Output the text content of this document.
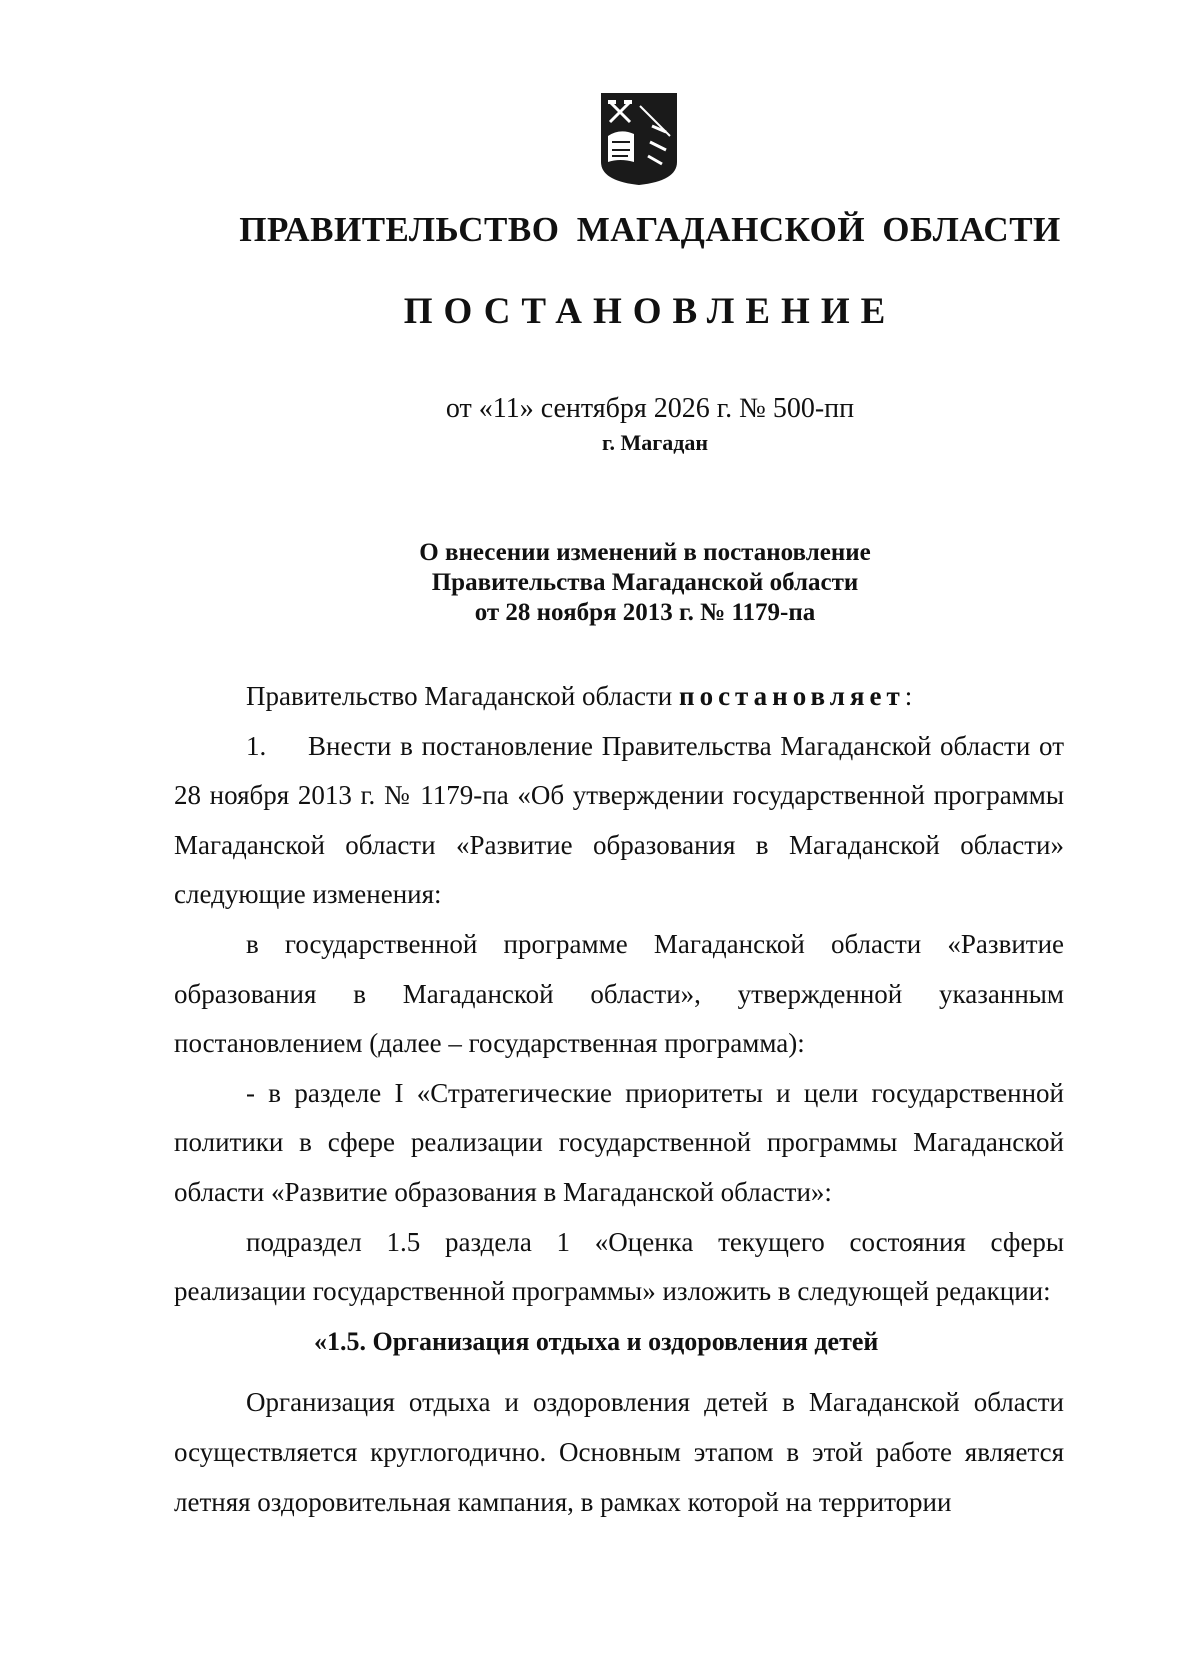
ПРАВИТЕЛЬСТВО МАГАДАНСКОЙ ОБЛАСТИ
ПОСТАНОВЛЕНИЕ
от «11» сентября 2026 г. № 500-пп
г. Магадан
О внесении изменений в постановление
Правительства Магаданской области
от 28 ноября 2013 г. № 1179-па

Правительство Магаданской области постановляет:

1. Внести в постановление Правительства Магаданской области от 28 ноября 2013 г. № 1179-па «Об утверждении государственной программы Магаданской области «Развитие образования в Магаданской области» следующие изменения:

в государственной программе Магаданской области «Развитие образования в Магаданской области», утвержденной указанным постановлением (далее – государственная программа):

- в разделе I «Стратегические приоритеты и цели государственной политики в сфере реализации государственной программы Магаданской области «Развитие образования в Магаданской области»:

подраздел 1.5 раздела 1 «Оценка текущего состояния сферы реализации государственной программы» изложить в следующей редакции:

«1.5. Организация отдыха и оздоровления детей

Организация отдыха и оздоровления детей в Магаданской области осуществляется круглогодично. Основным этапом в этой работе является летняя оздоровительная кампания, в рамках которой на территории
